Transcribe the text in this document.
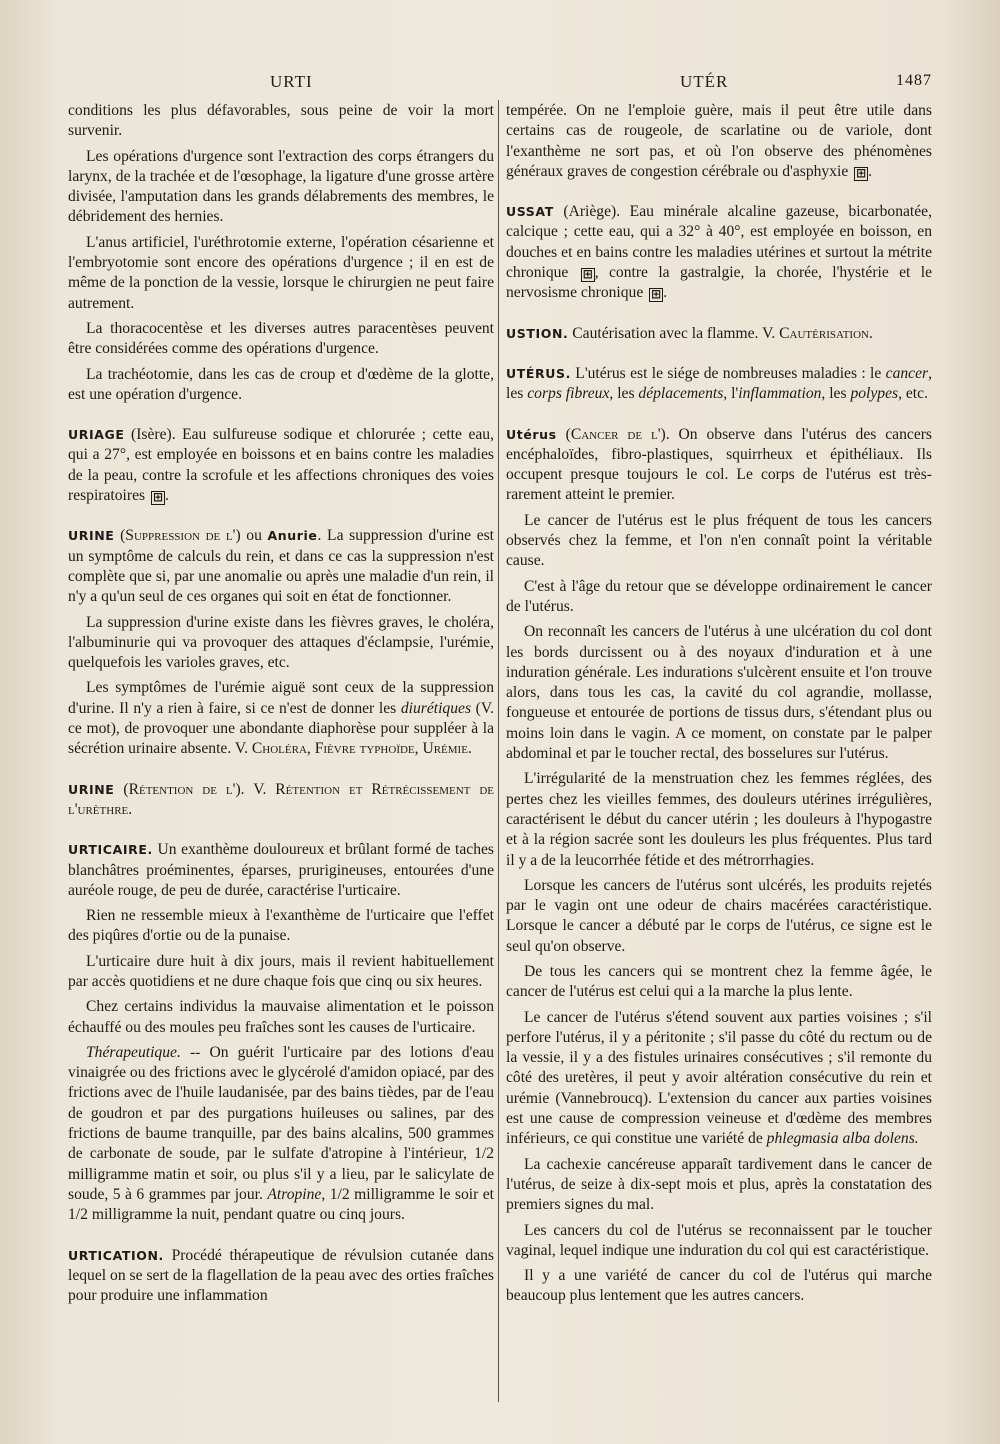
URTI	UTÉR	1487

conditions les plus défavorables, sous peine de voir la mort survenir.

Les opérations d'urgence sont l'extraction des corps étrangers du larynx, de la trachée et de l'œsophage, la ligature d'une grosse artère divisée, l'amputation dans les grands délabrements des membres, le débridement des hernies.

L'anus artificiel, l'uréthrotomie externe, l'opération césarienne et l'embryotomie sont encore des opérations d'urgence ; il en est de même de la ponction de la vessie, lorsque le chirurgien ne peut faire autrement.

La thoracocentèse et les diverses autres paracentèses peuvent être considérées comme des opérations d'urgence.

La trachéotomie, dans les cas de croup et d'œdème de la glotte, est une opération d'urgence.

URIAGE (Isère). Eau sulfureuse sodique et chlorurée ; cette eau, qui a 27°, est employée en boissons et en bains contre les maladies de la peau, contre la scrofule et les affections chroniques des voies respiratoires ⊞ .

URINE (Suppression de l') ou Anurie. La suppression d'urine est un symptôme de calculs du rein, et dans ce cas la suppression n'est complète que si, par une anomalie ou après une maladie d'un rein, il n'y a qu'un seul de ces organes qui soit en état de fonctionner.

La suppression d'urine existe dans les fièvres graves, le choléra, l'albuminurie qui va provoquer des attaques d'éclampsie, l'urémie, quelquefois les varioles graves, etc.

Les symptômes de l'urémie aiguë sont ceux de la suppression d'urine. Il n'y a rien à faire, si ce n'est de donner les diurétiques (V. ce mot), de provoquer une abondante diaphorèse pour suppléer à la sécrétion urinaire absente. V. Choléra, Fièvre typhoïde, Urémie.

URINE (Rétention de l'). V. Rétention et Rétrécissement de l'urèthre.

URTICAIRE. Un exanthème douloureux et brûlant formé de taches blanchâtres proéminentes, éparses, prurigineuses, entourées d'une auréole rouge, de peu de durée, caractérise l'urticaire.

Rien ne ressemble mieux à l'exanthème de l'urticaire que l'effet des piqûres d'ortie ou de la punaise.

L'urticaire dure huit à dix jours, mais il revient habituellement par accès quotidiens et ne dure chaque fois que cinq ou six heures.

Chez certains individus la mauvaise alimentation et le poisson échauffé ou des moules peu fraîches sont les causes de l'urticaire.

Thérapeutique. -- On guérit l'urticaire par des lotions d'eau vinaigrée ou des frictions avec le glycérolé d'amidon opiacé, par des frictions avec de l'huile laudanisée, par des bains tièdes, par de l'eau de goudron et par des purgations huileuses ou salines, par des frictions de baume tranquille, par des bains alcalins, 500 grammes de carbonate de soude, par le sulfate d'atropine à l'intérieur, 1/2 milligramme matin et soir, ou plus s'il y a lieu, par le salicylate de soude, 5 à 6 grammes par jour. Atropine, 1/2 milligramme le soir et 1/2 milligramme la nuit, pendant quatre ou cinq jours.

URTICATION. Procédé thérapeutique de révulsion cutanée dans lequel on se sert de la flagellation de la peau avec des orties fraîches pour produire une inflammation

tempérée. On ne l'emploie guère, mais il peut être utile dans certains cas de rougeole, de scarlatine ou de variole, dont l'exanthème ne sort pas, et où l'on observe des phénomènes généraux graves de congestion cérébrale ou d'asphyxie ⊞ .

USSAT (Ariège). Eau minérale alcaline gazeuse, bicarbonatée, calcique ; cette eau, qui a 32° à 40°, est employée en boisson, en douches et en bains contre les maladies utérines et surtout la métrite chronique ⊞ , contre la gastralgie, la chorée, l'hystérie et le nervosisme chronique ⊞ .

USTION. Cautérisation avec la flamme. V. Cautérisation.

UTÉRUS. L'utérus est le siége de nombreuses maladies : le cancer, les corps fibreux, les déplacements, l'inflammation, les polypes, etc.

Utérus (Cancer de l'). On observe dans l'utérus des cancers encéphaloïdes, fibro-plastiques, squirrheux et épithéliaux. Ils occupent presque toujours le col. Le corps de l'utérus est très-rarement atteint le premier.

Le cancer de l'utérus est le plus fréquent de tous les cancers observés chez la femme, et l'on n'en connaît point la véritable cause.

C'est à l'âge du retour que se développe ordinairement le cancer de l'utérus.

On reconnaît les cancers de l'utérus à une ulcération du col dont les bords durcissent ou à des noyaux d'induration et à une induration générale. Les indurations s'ulcèrent ensuite et l'on trouve alors, dans tous les cas, la cavité du col agrandie, mollasse, fongueuse et entourée de portions de tissus durs, s'étendant plus ou moins loin dans le vagin. A ce moment, on constate par le palper abdominal et par le toucher rectal, des bosselures sur l'utérus.

L'irrégularité de la menstruation chez les femmes réglées, des pertes chez les vieilles femmes, des douleurs utérines irrégulières, caractérisent le début du cancer utérin ; les douleurs à l'hypogastre et à la région sacrée sont les douleurs les plus fréquentes. Plus tard il y a de la leucorrhée fétide et des métrorrhagies.

Lorsque les cancers de l'utérus sont ulcérés, les produits rejetés par le vagin ont une odeur de chairs macérées caractéristique. Lorsque le cancer a débuté par le corps de l'utérus, ce signe est le seul qu'on observe.

De tous les cancers qui se montrent chez la femme âgée, le cancer de l'utérus est celui qui a la marche la plus lente.

Le cancer de l'utérus s'étend souvent aux parties voisines ; s'il perfore l'utérus, il y a péritonite ; s'il passe du côté du rectum ou de la vessie, il y a des fistules urinaires consécutives ; s'il remonte du côté des uretères, il peut y avoir altération consécutive du rein et urémie (Vannebroucq). L'extension du cancer aux parties voisines est une cause de compression veineuse et d'œdème des membres inférieurs, ce qui constitue une variété de phlegmasia alba dolens.

La cachexie cancéreuse apparaît tardivement dans le cancer de l'utérus, de seize à dix-sept mois et plus, après la constatation des premiers signes du mal.

Les cancers du col de l'utérus se reconnaissent par le toucher vaginal, lequel indique une induration du col qui est caractéristique.

Il y a une variété de cancer du col de l'utérus qui marche beaucoup plus lentement que les autres cancers.
